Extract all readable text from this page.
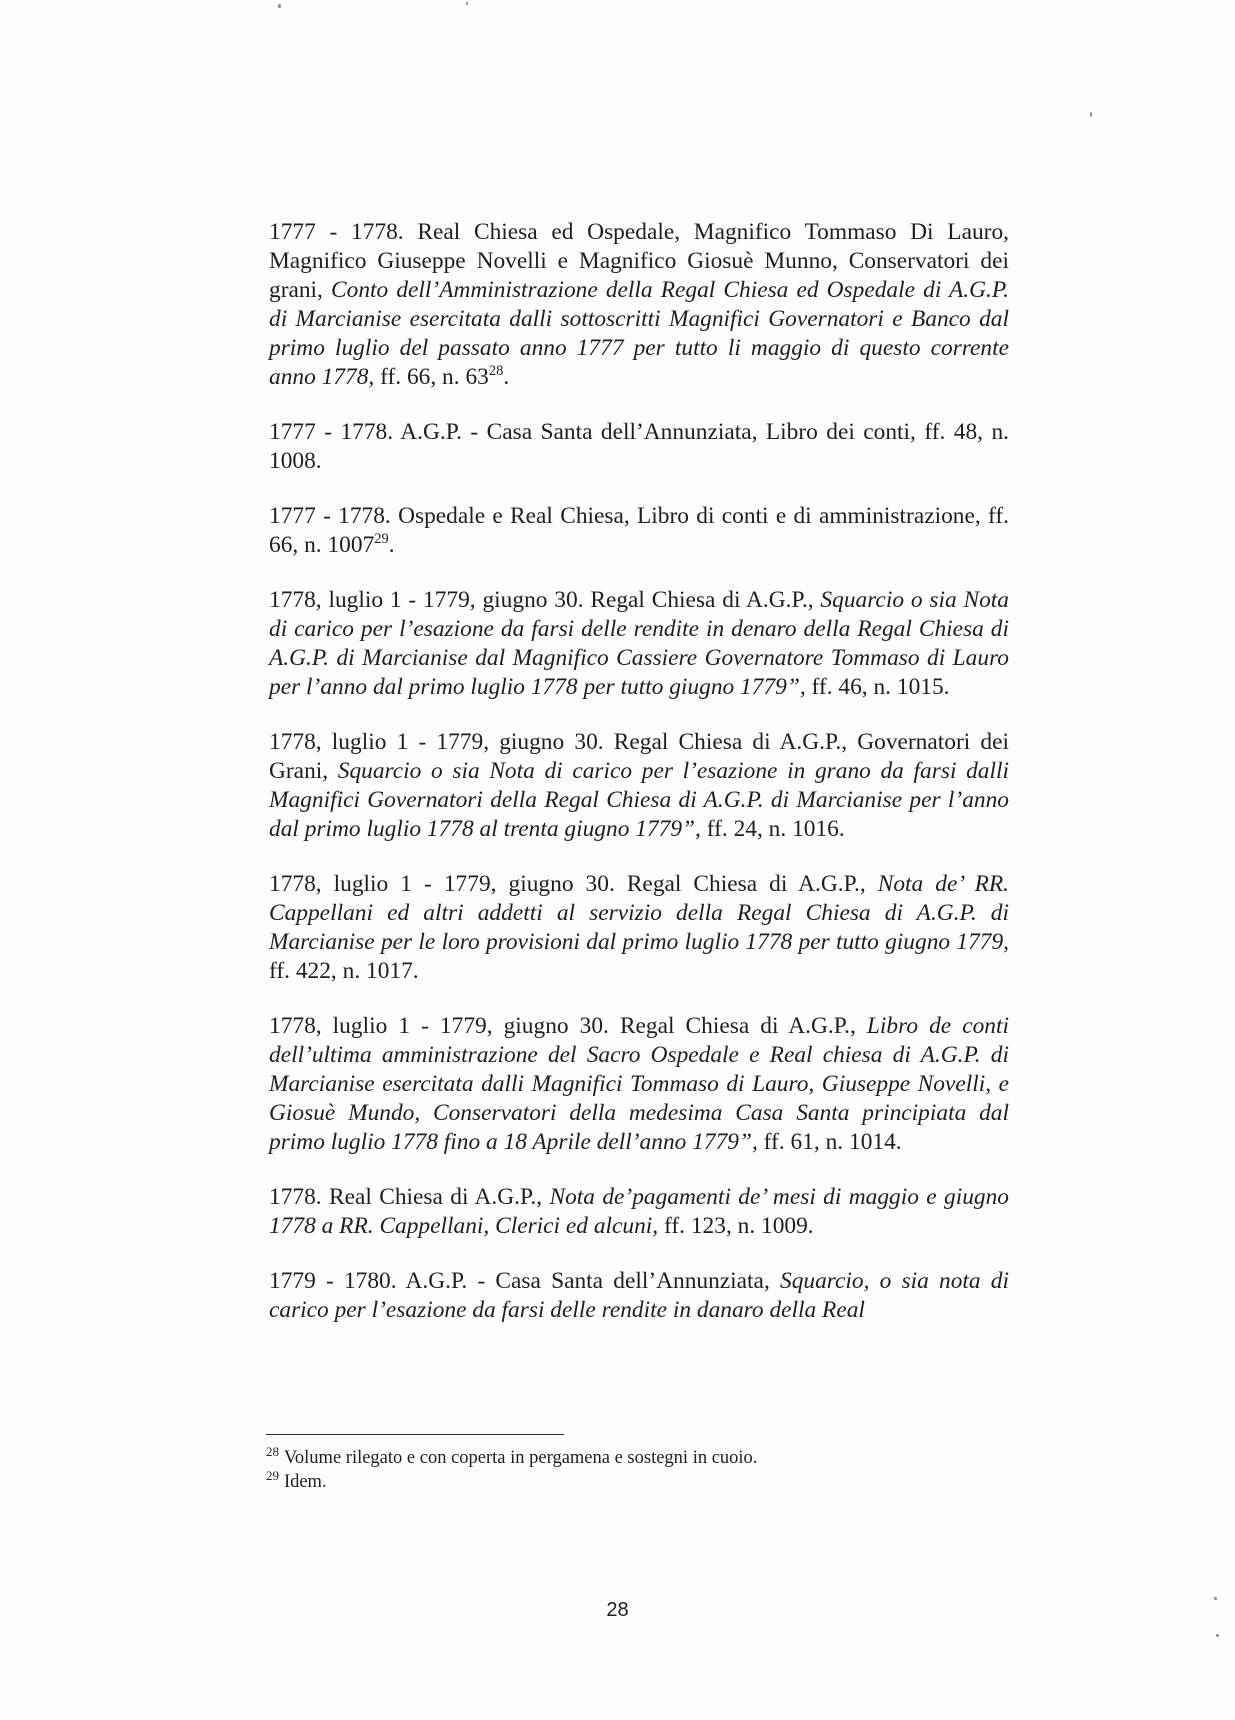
1777 - 1778. Real Chiesa ed Ospedale, Magnifico Tommaso Di Lauro, Magnifico Giuseppe Novelli e Magnifico Giosuè Munno, Conservatori dei grani, Conto dell’Amministrazione della Regal Chiesa ed Ospedale di A.G.P. di Marcianise esercitata dalli sottoscritti Magnifici Governatori e Banco dal primo luglio del passato anno 1777 per tutto li maggio di questo corrente anno 1778, ff. 66, n. $63^{28}$.

1777 - 1778. A.G.P. - Casa Santa dell’Annunziata, Libro dei conti, ff. 48, n. 1008.

1777 - 1778. Ospedale e Real Chiesa, Libro di conti e di amministrazione, ff. 66, n. 1007$^{29}$.

1778, luglio 1 - 1779, giugno 30. Regal Chiesa di A.G.P., Squarcio o sia Nota di carico per l’esazione da farsi delle rendite in denaro della Regal Chiesa di A.G.P. di Marcianise dal Magnifico Cassiere Governatore Tommaso di Lauro per l’anno dal primo luglio 1778 per tutto giugno 1779”, ff. 46, n. 1015.

1778, luglio 1 - 1779, giugno 30. Regal Chiesa di A.G.P., Governatori dei Grani, Squarcio o sia Nota di carico per l’esazione in grano da farsi dalli Magnifici Governatori della Regal Chiesa di A.G.P. di Marcianise per l’anno dal primo luglio 1778 al trenta giugno 1779”, ff. 24, n. 1016.

1778, luglio 1 - 1779, giugno 30. Regal Chiesa di A.G.P., Nota de’ RR. Cappellani ed altri addetti al servizio della Regal Chiesa di A.G.P. di Marcianise per le loro provisioni dal primo luglio 1778 per tutto giugno 1779, ff. 422, n. 1017.

1778, luglio 1 - 1779, giugno 30. Regal Chiesa di A.G.P., Libro de conti dell’ultima amministrazione del Sacro Ospedale e Real chiesa di A.G.P. di Marcianise esercitata dalli Magnifici Tommaso di Lauro, Giuseppe Novelli, e Giosuè Mundo, Conservatori della medesima Casa Santa principiata dal primo luglio 1778 fino a 18 Aprile dell’anno 1779”, ff. 61, n. 1014.

1778. Real Chiesa di A.G.P., Nota de’pagamenti de’ mesi di maggio e giugno 1778 a RR. Cappellani, Clerici ed alcuni, ff. 123, n. 1009.

1779 - 1780. A.G.P. - Casa Santa dell’Annunziata, Squarcio, o sia nota di carico per l’esazione da farsi delle rendite in danaro della Real

$^{28}$ Volume rilegato e con coperta in pergamena e sostegni in cuoio.
$^{29}$ Idem.
28
